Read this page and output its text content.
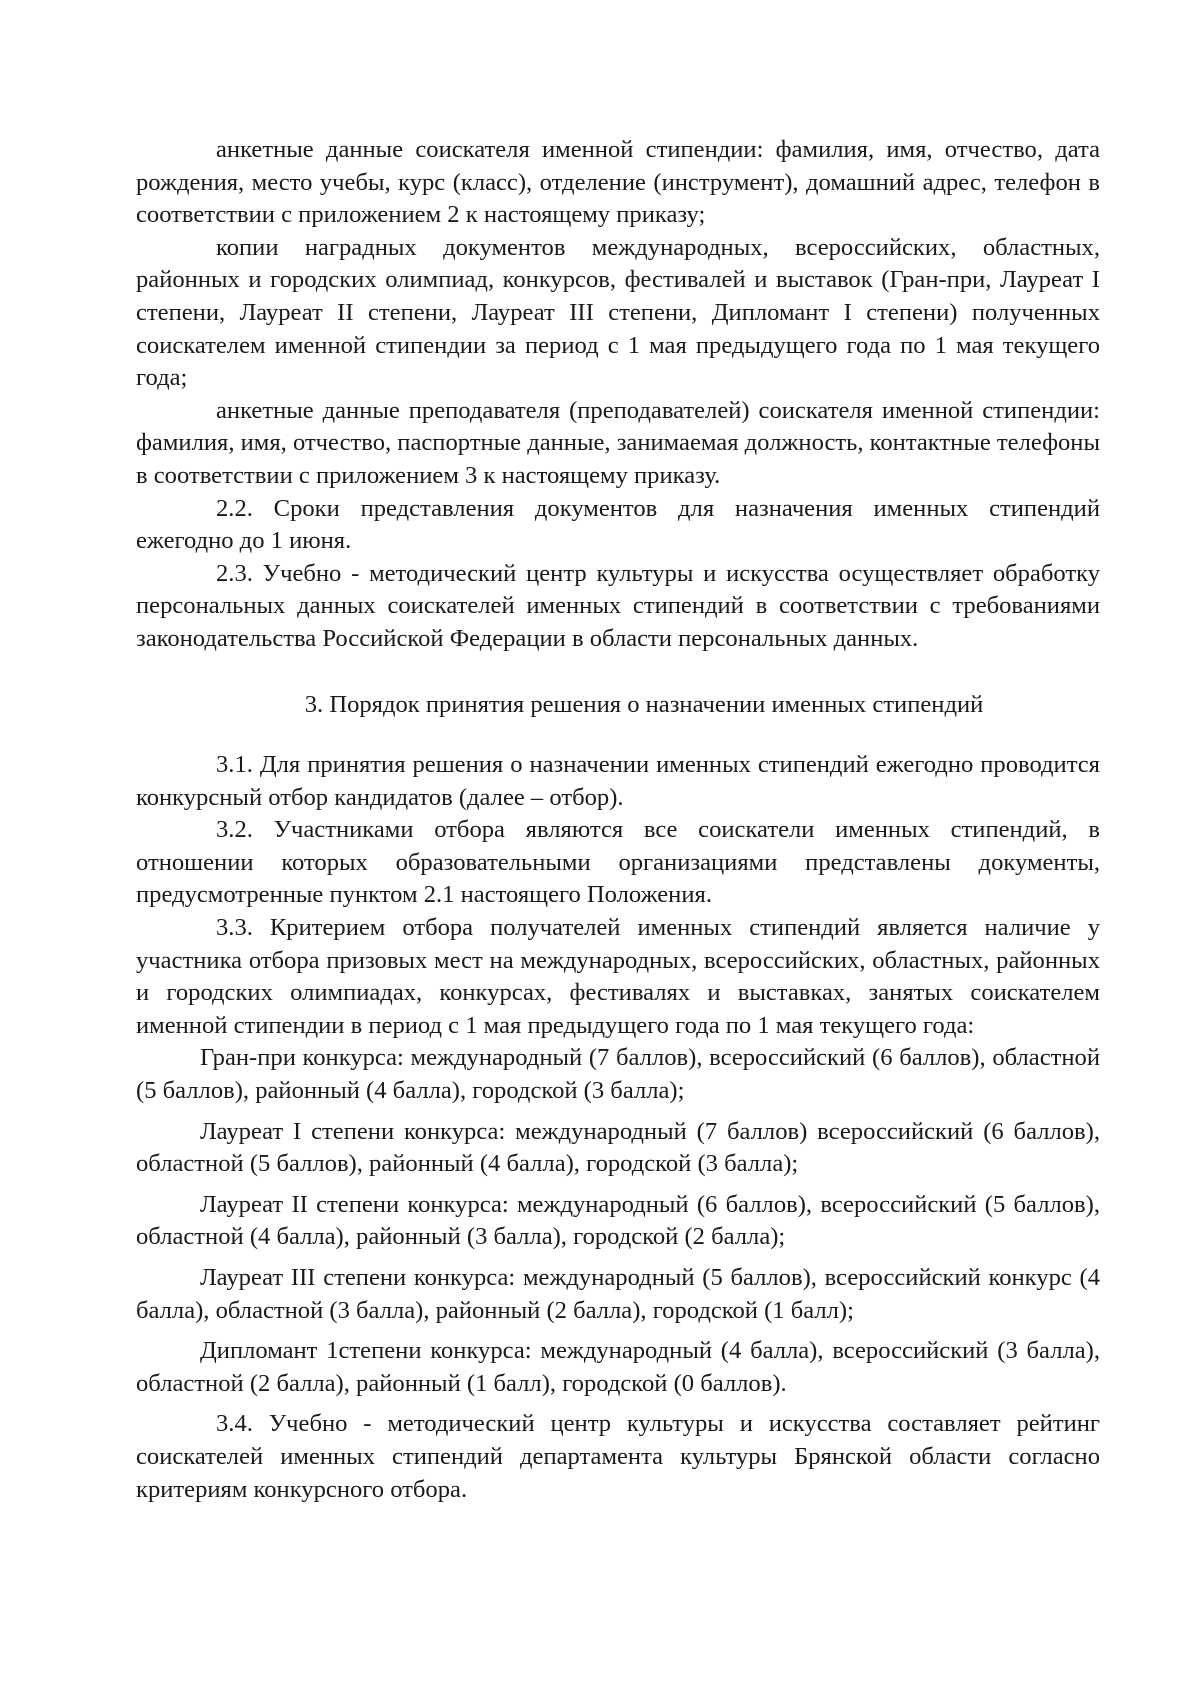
анкетные данные соискателя именной стипендии: фамилия, имя, отчество, дата рождения, место учебы, курс (класс), отделение (инструмент), домашний адрес, телефон в соответствии с приложением 2 к настоящему приказу;

копии наградных документов международных, всероссийских, областных, районных и городских олимпиад, конкурсов, фестивалей и выставок (Гран-при, Лауреат I степени, Лауреат II степени, Лауреат III степени, Дипломант I степени) полученных соискателем именной стипендии за период с 1 мая предыдущего года по 1 мая текущего года;

анкетные данные преподавателя (преподавателей) соискателя именной стипендии: фамилия, имя, отчество, паспортные данные, занимаемая должность, контактные телефоны в соответствии с приложением 3 к настоящему приказу.

2.2. Сроки представления документов для назначения именных стипендий ежегодно до 1 июня.

2.3. Учебно - методический центр культуры и искусства осуществляет обработку персональных данных соискателей именных стипендий в соответствии с требованиями законодательства Российской Федерации в области персональных данных.

3. Порядок принятия решения о назначении именных стипендий

3.1. Для принятия решения о назначении именных стипендий ежегодно проводится конкурсный отбор кандидатов (далее – отбор).

3.2. Участниками отбора являются все соискатели именных стипендий, в отношении которых образовательными организациями представлены документы, предусмотренные пунктом 2.1 настоящего Положения.

3.3. Критерием отбора получателей именных стипендий является наличие у участника отбора призовых мест на международных, всероссийских, областных, районных и городских олимпиадах, конкурсах, фестивалях и выставках, занятых соискателем именной стипендии в период с 1 мая предыдущего года по 1 мая текущего года:

Гран-при конкурса: международный (7 баллов), всероссийский (6 баллов), областной (5 баллов), районный (4 балла), городской (3 балла);

Лауреат I степени конкурса: международный (7 баллов) всероссийский (6 баллов), областной (5 баллов), районный (4 балла), городской (3 балла);

Лауреат II степени конкурса: международный (6 баллов), всероссийский (5 баллов), областной (4 балла), районный (3 балла), городской (2 балла);

Лауреат III степени конкурса: международный (5 баллов), всероссийский конкурс (4 балла), областной (3 балла), районный (2 балла), городской (1 балл);

Дипломант 1степени конкурса: международный (4 балла), всероссийский (3 балла), областной (2 балла), районный (1 балл), городской (0 баллов).

3.4. Учебно - методический центр культуры и искусства составляет рейтинг соискателей именных стипендий департамента культуры Брянской области согласно критериям конкурсного отбора.
